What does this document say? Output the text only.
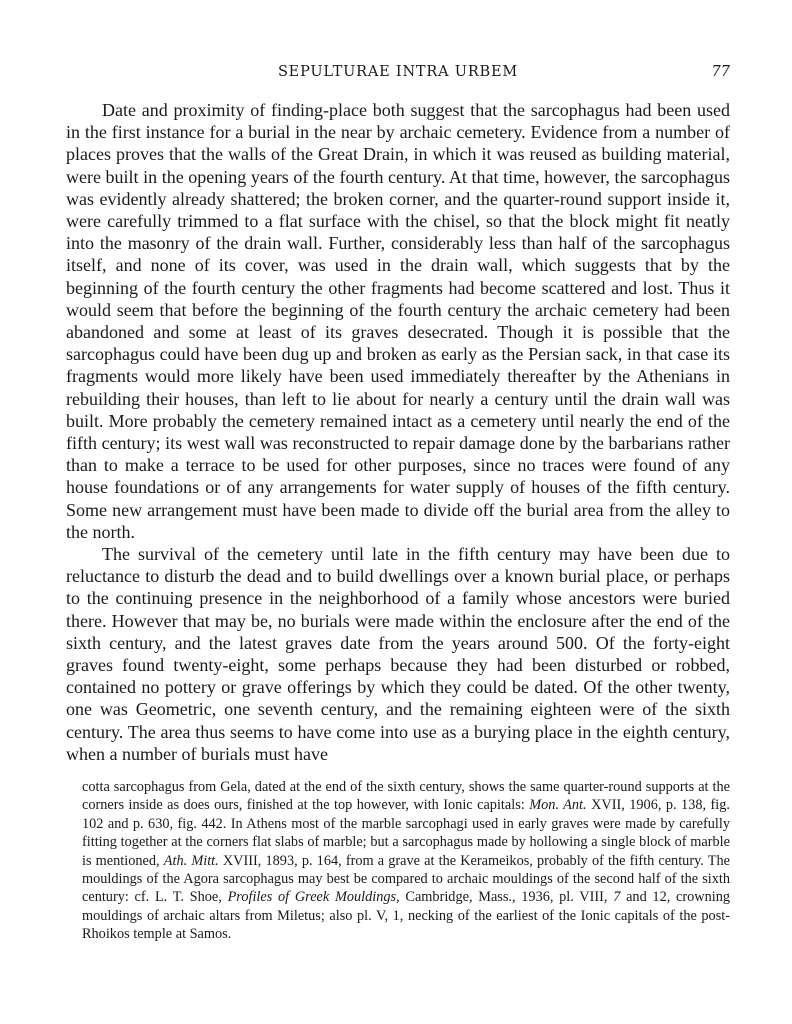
SEPULTURAE INTRA URBEM	77

Date and proximity of finding-place both suggest that the sarcophagus had been used in the first instance for a burial in the near by archaic cemetery. Evidence from a number of places proves that the walls of the Great Drain, in which it was reused as building material, were built in the opening years of the fourth century. At that time, however, the sarcophagus was evidently already shattered; the broken corner, and the quarter-round support inside it, were carefully trimmed to a flat surface with the chisel, so that the block might fit neatly into the masonry of the drain wall. Further, considerably less than half of the sarcophagus itself, and none of its cover, was used in the drain wall, which suggests that by the beginning of the fourth century the other fragments had become scattered and lost. Thus it would seem that before the beginning of the fourth century the archaic cemetery had been abandoned and some at least of its graves desecrated. Though it is possible that the sarcophagus could have been dug up and broken as early as the Persian sack, in that case its fragments would more likely have been used immediately thereafter by the Athenians in rebuilding their houses, than left to lie about for nearly a century until the drain wall was built. More probably the cemetery remained intact as a cemetery until nearly the end of the fifth century; its west wall was reconstructed to repair damage done by the barbarians rather than to make a terrace to be used for other purposes, since no traces were found of any house foundations or of any arrangements for water supply of houses of the fifth century. Some new arrangement must have been made to divide off the burial area from the alley to the north.

The survival of the cemetery until late in the fifth century may have been due to reluctance to disturb the dead and to build dwellings over a known burial place, or perhaps to the continuing presence in the neighborhood of a family whose ancestors were buried there. However that may be, no burials were made within the enclosure after the end of the sixth century, and the latest graves date from the years around 500. Of the forty-eight graves found twenty-eight, some perhaps because they had been disturbed or robbed, contained no pottery or grave offerings by which they could be dated. Of the other twenty, one was Geometric, one seventh century, and the remaining eighteen were of the sixth century. The area thus seems to have come into use as a burying place in the eighth century, when a number of burials must have

cotta sarcophagus from Gela, dated at the end of the sixth century, shows the same quarter-round supports at the corners inside as does ours, finished at the top however, with Ionic capitals: Mon. Ant. XVII, 1906, p. 138, fig. 102 and p. 630, fig. 442. In Athens most of the marble sarcophagi used in early graves were made by carefully fitting together at the corners flat slabs of marble; but a sarcophagus made by hollowing a single block of marble is mentioned, Ath. Mitt. XVIII, 1893, p. 164, from a grave at the Kerameikos, probably of the fifth century. The mouldings of the Agora sarcophagus may best be compared to archaic mouldings of the second half of the sixth century: cf. L. T. Shoe, Profiles of Greek Mouldings, Cambridge, Mass., 1936, pl. VIII, 7 and 12, crowning mouldings of archaic altars from Miletus; also pl. V, 1, necking of the earliest of the Ionic capitals of the post-Rhoikos temple at Samos.
